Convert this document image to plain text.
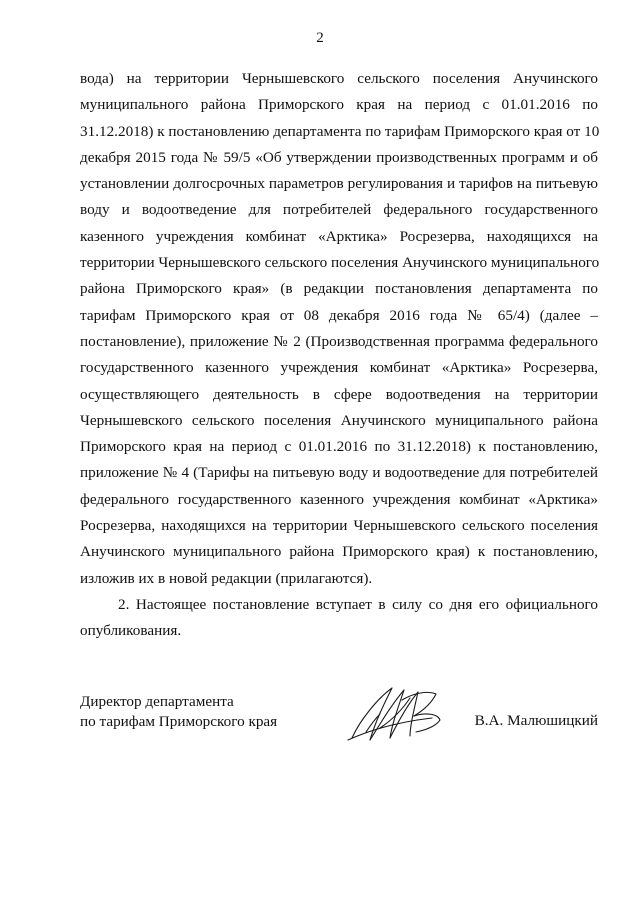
2
вода) на территории Чернышевского сельского поселения Анучинского
муниципального района Приморского края на период с 01.01.2016 по
31.12.2018) к постановлению департамента по тарифам Приморского края от 10
декабря 2015 года № 59/5 «Об утверждении производственных программ и об
установлении долгосрочных параметров регулирования и тарифов на питьевую
воду и водоотведение для потребителей федерального государственного
казенного учреждения комбинат «Арктика» Росрезерва, находящихся на
территории Чернышевского сельского поселения Анучинского муниципального
района Приморского края» (в редакции постановления департамента по
тарифам Приморского края от 08 декабря 2016 года № 65/4) (далее –
постановление), приложение № 2 (Производственная программа федерального
государственного казенного учреждения комбинат «Арктика» Росрезерва,
осуществляющего деятельность в сфере водоотведения на территории
Чернышевского сельского поселения Анучинского муниципального района
Приморского края на период с 01.01.2016 по 31.12.2018) к постановлению,
приложение № 4 (Тарифы на питьевую воду и водоотведение для потребителей
федерального государственного казенного учреждения комбинат «Арктика»
Росрезерва, находящихся на территории Чернышевского сельского поселения
Анучинского муниципального района Приморского края) к постановлению,
изложив их в новой редакции (прилагаются).
2. Настоящее постановление вступает в силу со дня его официального
опубликования.
Директор департамента
по тарифам Приморского края	В.А. Малюшицкий
